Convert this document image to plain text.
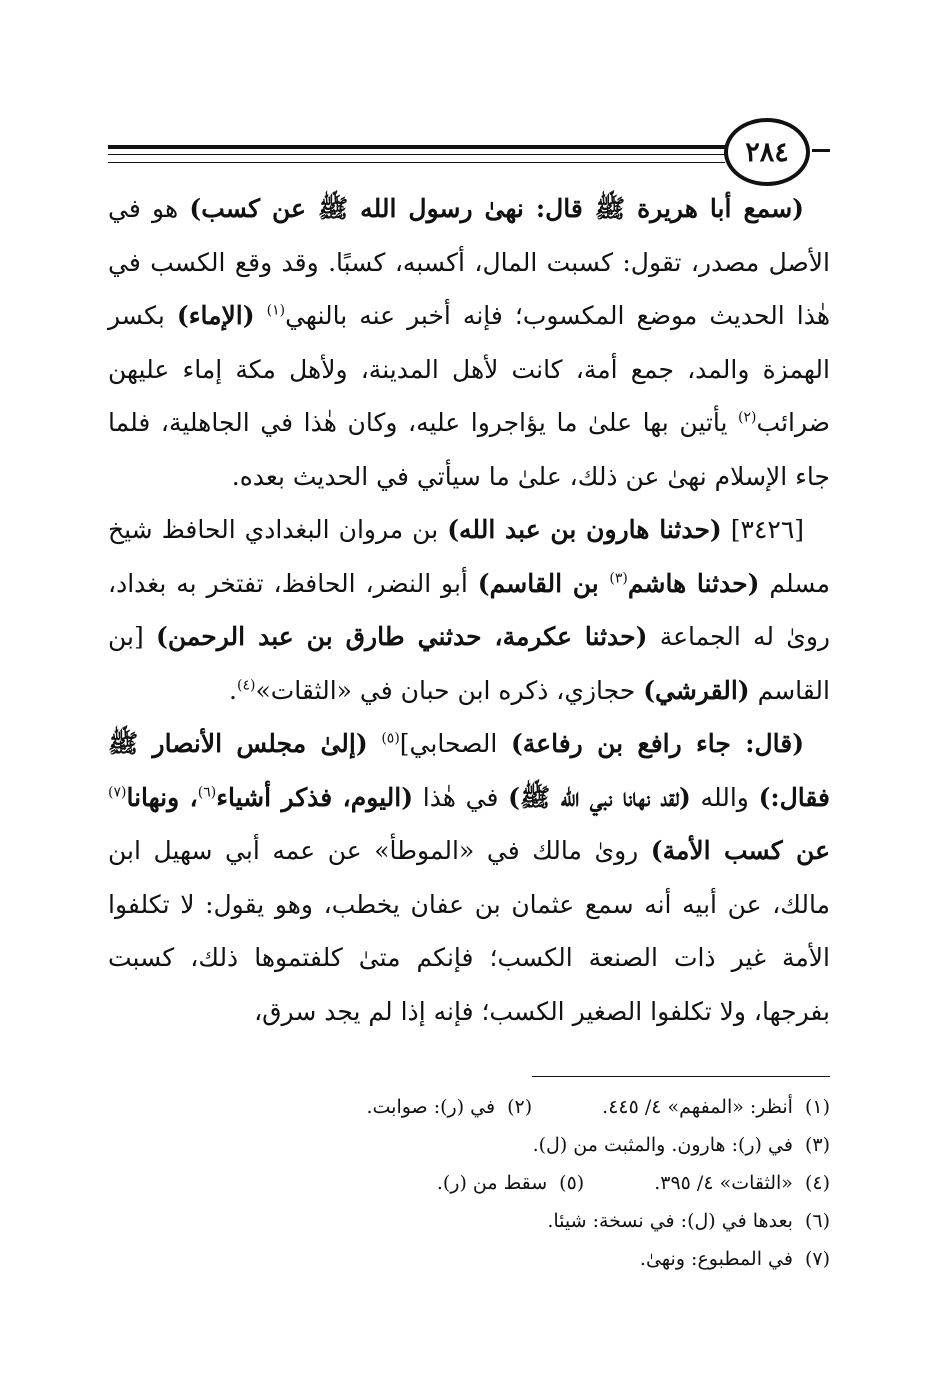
٢٨٤

(سمع أبا هريرة ﷺ قال: نهىٰ رسول الله ﷺ عن كسب) هو في الأصل مصدر، تقول: كسبت المال، أكسبه، كسبًا. وقد وقع الكسب في هٰذا الحديث موضع المكسوب؛ فإنه أخبر عنه بالنهي$^{(١)}$ (الإماء) بكسر الهمزة والمد، جمع أمة، كانت لأهل المدينة، ولأهل مكة إماء عليهن ضرائب$^{(٢)}$ يأتين بها علىٰ ما يؤاجروا عليه، وكان هٰذا في الجاهلية، فلما جاء الإسلام نهىٰ عن ذلك، علىٰ ما سيأتي في الحديث بعده.

[٣٤٢٦] (حدثنا هارون بن عبد الله) بن مروان البغدادي الحافظ شيخ مسلم (حدثنا هاشم$^{(٣)}$ بن القاسم) أبو النضر، الحافظ، تفتخر به بغداد، روىٰ له الجماعة (حدثنا عكرمة، حدثني طارق بن عبد الرحمن) [بن القاسم (القرشي) حجازي، ذكره ابن حبان في «الثقات»$^{(٤)}$.

(قال: جاء رافع بن رفاعة) الصحابي]$^{(٥)}$ (إلىٰ مجلس الأنصار ﷺ فقال:) والله (لقد نهانا نبي الله ﷺ) في هٰذا (اليوم، فذكر أشياء$^{(٦)}$، ونهانا$^{(٧)}$ عن كسب الأمة) روىٰ مالك في «الموطأ» عن عمه أبي سهيل ابن مالك، عن أبيه أنه سمع عثمان بن عفان يخطب، وهو يقول: لا تكلفوا الأمة غير ذات الصنعة الكسب؛ فإنكم متىٰ كلفتموها ذلك، كسبت بفرجها، ولا تكلفوا الصغير الكسب؛ فإنه إذا لم يجد سرق،

(١)أنظر: «المفهم» ٤/ ٤٤٥.
(٢)في (ر): صوابت.
(٣)في (ر): هارون. والمثبت من (ل).
(٤)«الثقات» ٤/ ٣٩٥.
(٥)سقط من (ر).
(٦)بعدها في (ل): في نسخة: شيئا.
(٧)في المطبوع: ونهىٰ.
